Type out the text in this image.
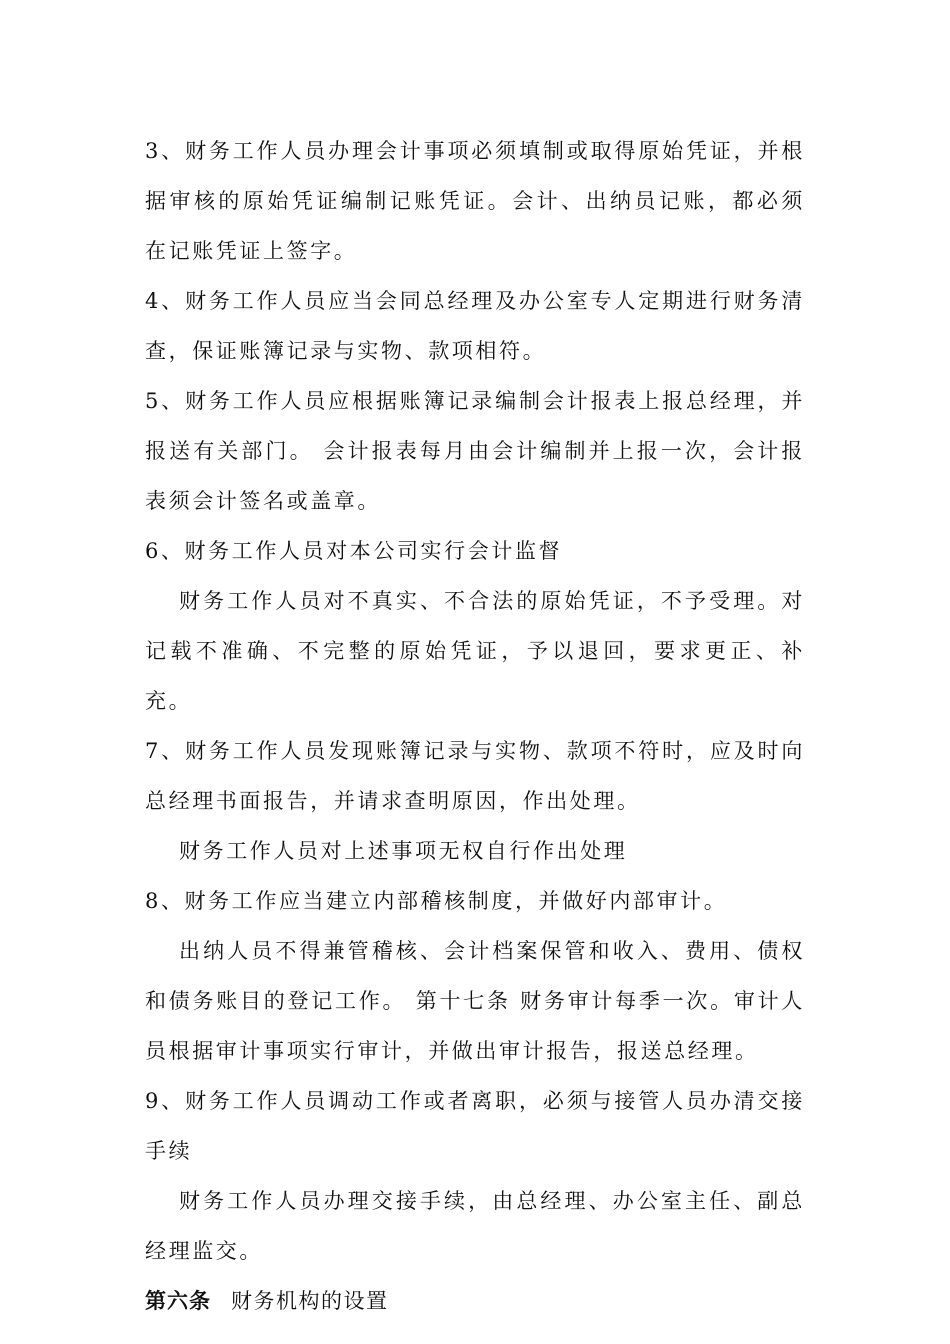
3、财务工作人员办理会计事项必须填制或取得原始凭证，并根据审核的原始凭证编制记账凭证。会计、出纳员记账，都必须在记账凭证上签字。

4、财务工作人员应当会同总经理及办公室专人定期进行财务清查，保证账簿记录与实物、款项相符。

5、财务工作人员应根据账簿记录编制会计报表上报总经理，并报送有关部门。 会计报表每月由会计编制并上报一次，会计报表须会计签名或盖章。

6、财务工作人员对本公司实行会计监督

财务工作人员对不真实、不合法的原始凭证，不予受理。对记载不准确、不完整的原始凭证，予以退回，要求更正、补充。

7、财务工作人员发现账簿记录与实物、款项不符时，应及时向总经理书面报告，并请求查明原因，作出处理。

财务工作人员对上述事项无权自行作出处理

8、财务工作应当建立内部稽核制度，并做好内部审计。

出纳人员不得兼管稽核、会计档案保管和收入、费用、债权和债务账目的登记工作。 第十七条 财务审计每季一次。审计人员根据审计事项实行审计，并做出审计报告，报送总经理。

9、财务工作人员调动工作或者离职，必须与接管人员办清交接手续

财务工作人员办理交接手续，由总经理、办公室主任、副总经理监交。

第六条 财务机构的设置
